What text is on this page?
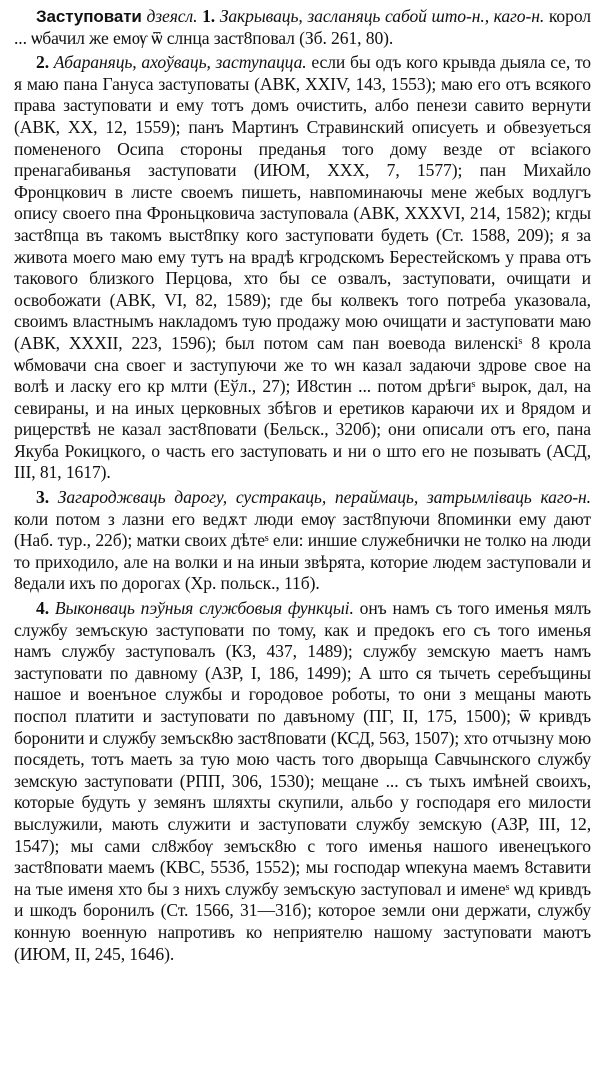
Заступовати дзеясл. 1. Закрываць, засланяць сабой што-н., каго-н. корол ... ѡбачил же емѹ ѿ слнца заст8повал (Зб. 261, 80).

2. Абараняць, ахоўваць, заступацца. если бы одъ кого крывда дыяла се, то я маю пана Гануса заступоваты (АВК, XXIV, 143, 1553); маю его отъ всякого права заступовати и ему тотъ домъ очистить, албо пенези савито вернути (АВК, XX, 12, 1559); панъ Мартинъ Стравинский описуеть и обвезуеться помененого Осипа стороны преданья того дому везде от всiакого пренагабиванья заступовати (ИЮМ, XXX, 7, 1577); пан Михайло Фронцкович в листе своемъ пишеть, навпоминаючы мене жебых водлугъ опису своего пна Фроньцковича заступовала (АВК, XXXVI, 214, 1582); кгды заст8пца въ такомъ выст8пку кого заступовати будеть (Ст. 1588, 209); я за живота моего маю ему тутъ на врадѣ кгродскомъ Берестейскомъ у права отъ такового близкого Перцова, хто бы се озвалъ, заступовати, очищати и освобожати (АВК, VI, 82, 1589); где бы колвекъ того потреба указовала, своимъ властнымъ накладомъ тую продажу мою очищати и заступовати маю (АВК, XXXII, 223, 1596); был потом сам пан воевода виленскiˢ 8 крола ѡбмовачи сна своег и заступуючи же то ѡн казал задаючи здрове свое на волѣ и ласку его кр млти (Еўл., 27); И8стин ... потом дрѣгиˢ вырок, дал, на севираны, и на иных церковных збѣгов и еретиков караючи их и 8рядом и рицерствѣ не казал заст8повати (Бельск., 320б); они описали отъ его, пана Якуба Рокицкого, о часть его заступовать и ни о што его не позывать (АСД, III, 81, 1617).

3. Загароджваць дарогу, сустракаць, пераймаць, затрымліваць каго-н. коли потом з лазни его ведѫт люди емѹ заст8пуючи 8поминки ему дают (Наб. тур., 22б); матки своих дѣтеˢ ели: иншие служебнички не толко на люди то приходило, але на волки и на иныи звѣрята, которие людем заступовали и 8едали ихъ по дорогах (Хр. польск., 11б).

4. Выконваць пэўныя службовыя функцыі. онъ намъ съ того именья мялъ службу земъскую заступовати по тому, как и предокъ его съ того именья намъ службу заступовалъ (КЗ, 437, 1489); службу земскую маетъ намъ заступовати по давному (АЗР, I, 186, 1499); А што ся тычеть серебъщины нашое и военъное службы и городовое роботы, то они з мещаны мають поспол платити и заступовати по давъному (ПГ, II, 175, 1500); ѿ кривдъ боронити и службу земъск8ю заст8повати (КСД, 563, 1507); хто отчызну мою посядеть, тотъ маеть за тую мою часть того дворыща Савчынского службу земскую заступовати (РПП, 306, 1530); мещане ... съ тыхъ имѣней своихъ, которые будуть у земянъ шляхты скупили, альбо у господаря его милости выслужили, мають служити и заступовати службу земскую (АЗР, III, 12, 1547); мы сами сл8жбѹ земъск8ю с того именья нашого ивенецъкого заст8повати маемъ (КВС, 553б, 1552); мы господар ѡпекуна маемъ 8ставити на тые именя хто бы з нихъ службу земъскую заступовал и именеˢ ѡд кривдъ и шкодъ боронилъ (Ст. 1566, 31—31б); которое земли они держати, службу конную военную напротивъ ко неприятелю нашому заступовати маютъ (ИЮМ, II, 245, 1646).
